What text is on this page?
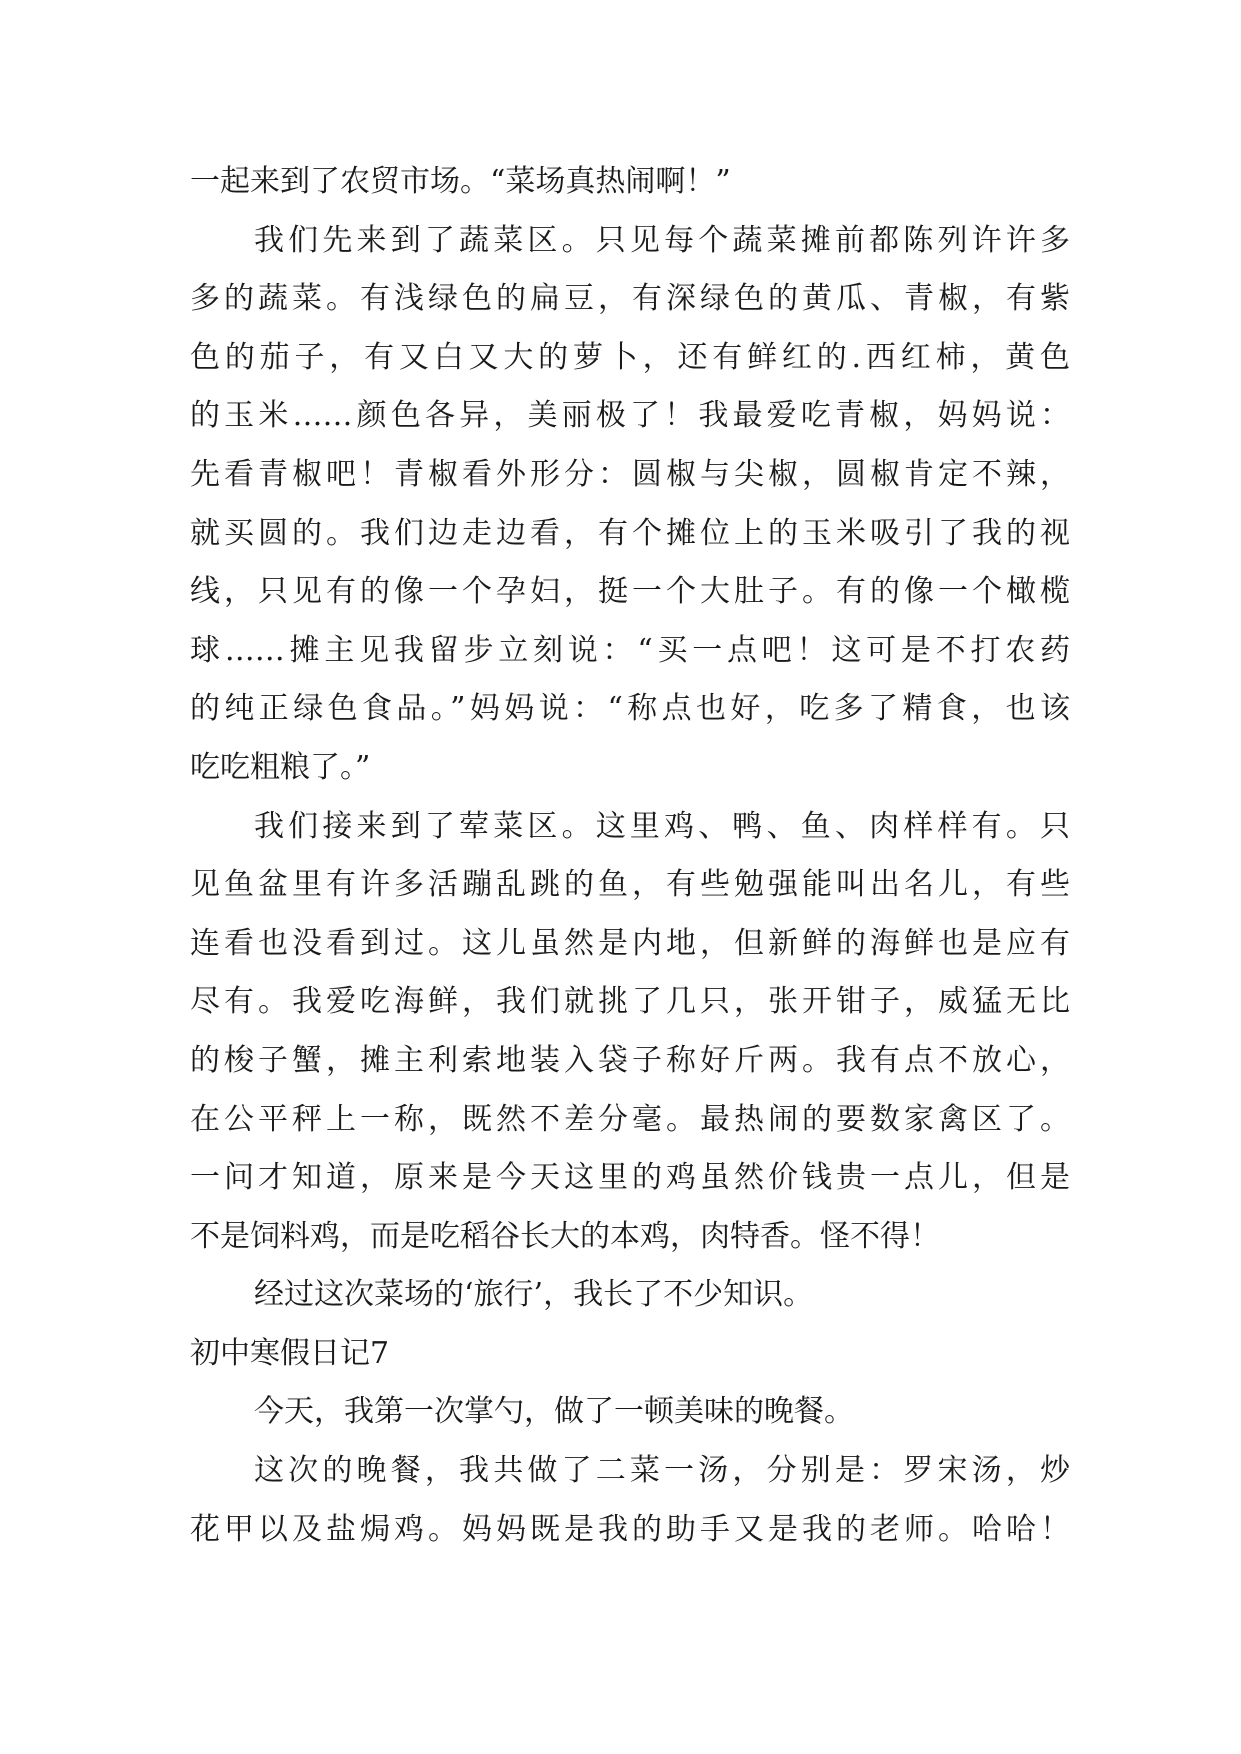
一起来到了农贸市场。“菜场真热闹啊！”
我们先来到了蔬菜区。只见每个蔬菜摊前都陈列许许多
多的蔬菜。有浅绿色的扁豆，有深绿色的黄瓜、青椒，有紫
色的茄子，有又白又大的萝卜，还有鲜红的.西红柿，黄色
的玉米……颜色各异，美丽极了！我最爱吃青椒，妈妈说：
先看青椒吧！青椒看外形分：圆椒与尖椒，圆椒肯定不辣，
就买圆的。我们边走边看，有个摊位上的玉米吸引了我的视
线，只见有的像一个孕妇，挺一个大肚子。有的像一个橄榄
球……摊主见我留步立刻说：“买一点吧！这可是不打农药
的纯正绿色食品。”妈妈说：“称点也好，吃多了精食，也该
吃吃粗粮了。”
我们接来到了荤菜区。这里鸡、鸭、鱼、肉样样有。只
见鱼盆里有许多活蹦乱跳的鱼，有些勉强能叫出名儿，有些
连看也没看到过。这儿虽然是内地，但新鲜的海鲜也是应有
尽有。我爱吃海鲜，我们就挑了几只，张开钳子，威猛无比
的梭子蟹，摊主利索地装入袋子称好斤两。我有点不放心，
在公平秤上一称，既然不差分毫。最热闹的要数家禽区了。
一问才知道，原来是今天这里的鸡虽然价钱贵一点儿，但是
不是饲料鸡，而是吃稻谷长大的本鸡，肉特香。怪不得！
经过这次菜场的‘旅行’，我长了不少知识。
初中寒假日记7
今天，我第一次掌勺，做了一顿美味的晚餐。
这次的晚餐，我共做了二菜一汤，分别是：罗宋汤，炒
花甲以及盐焗鸡。妈妈既是我的助手又是我的老师。哈哈！
